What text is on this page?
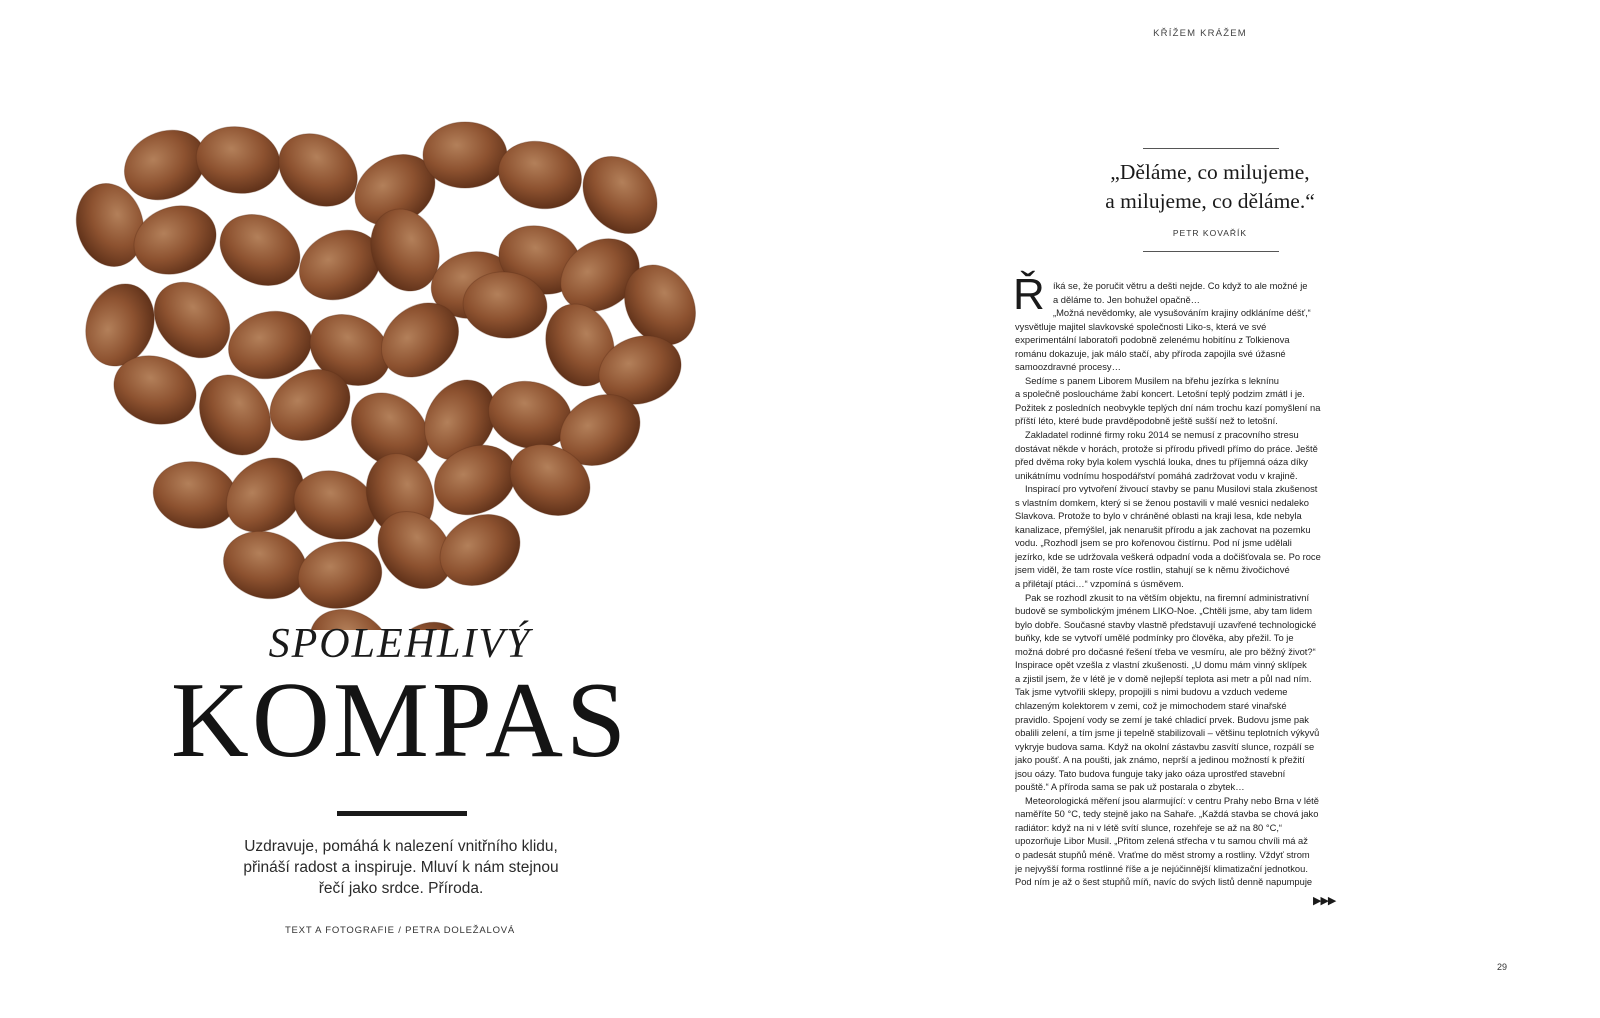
SPOLEHLIVÝ
KOMPAS
Uzdravuje, pomáhá k nalezení vnitřního klidu,
přináší radost a inspiruje. Mluví k nám stejnou
řečí jako srdce. Příroda.
TEXT A FOTOGRAFIE / PETRA DOLEŽALOVÁ
KŘÍŽEM KRÁŽEM
„Děláme, co milujeme,
a milujeme, co děláme.“
PETR KOVAŘÍK
Ř íká se, že poručit větru a dešti nejde. Co když to ale možné je
a děláme to. Jen bohužel opačně…
„Možná nevědomky, ale vysušováním krajiny odkláníme déšť,“
vysvětluje majitel slavkovské společnosti Liko-s, která ve své
experimentální laboratoři podobně zelenému hobitínu z Tolkienova
románu dokazuje, jak málo stačí, aby příroda zapojila své úžasné
samoozdravné procesy…
Sedíme s panem Liborem Musilem na břehu jezírka s leknínu
a společně posloucháme žabí koncert. Letošní teplý podzim zmátl i je.
Požitek z posledních neobvykle teplých dní nám trochu kazí pomyšlení na
příští léto, které bude pravděpodobně ještě sušší než to letošní.
Zakladatel rodinné firmy roku 2014 se nemusí z pracovního stresu
dostávat někde v horách, protože si přírodu přivedl přímo do práce. Ještě
před dvěma roky byla kolem vyschlá louka, dnes tu příjemná oáza díky
unikátnímu vodnímu hospodářství pomáhá zadržovat vodu v krajině.
Inspirací pro vytvoření živoucí stavby se panu Musilovi stala zkušenost
s vlastním domkem, který si se ženou postavili v malé vesnici nedaleko
Slavkova. Protože to bylo v chráněné oblasti na kraji lesa, kde nebyla
kanalizace, přemýšlel, jak nenarušit přírodu a jak zachovat na pozemku
vodu. „Rozhodl jsem se pro kořenovou čistírnu. Pod ní jsme udělali
jezírko, kde se udržovala veškerá odpadní voda a dočišťovala se. Po roce
jsem viděl, že tam roste více rostlin, stahují se k němu živočichové
a přilétají ptáci…“ vzpomíná s úsměvem.
Pak se rozhodl zkusit to na větším objektu, na firemní administrativní
budově se symbolickým jménem LIKO-Noe. „Chtěli jsme, aby tam lidem
bylo dobře. Současné stavby vlastně představují uzavřené technologické
buňky, kde se vytvoří umělé podmínky pro člověka, aby přežil. To je
možná dobré pro dočasné řešení třeba ve vesmíru, ale pro běžný život?“
Inspirace opět vzešla z vlastní zkušenosti. „U domu mám vinný sklípek
a zjistil jsem, že v létě je v domě nejlepší teplota asi metr a půl nad ním.
Tak jsme vytvořili sklepy, propojili s nimi budovu a vzduch vedeme
chlazeným kolektorem v zemi, což je mimochodem staré vinařské
pravidlo. Spojení vody se zemí je také chladicí prvek. Budovu jsme pak
obalili zelení, a tím jsme ji tepelně stabilizovali – většinu teplotních výkyvů
vykryje budova sama. Když na okolní zástavbu zasvítí slunce, rozpálí se
jako poušť. A na poušti, jak známo, neprší a jedinou možností k přežití
jsou oázy. Tato budova funguje taky jako oáza uprostřed stavební
pouště.“ A příroda sama se pak už postarala o zbytek…
Meteorologická měření jsou alarmující: v centru Prahy nebo Brna v létě
naměříte 50 °C, tedy stejně jako na Sahaře. „Každá stavba se chová jako
radiátor: když na ni v létě svítí slunce, rozehřeje se až na 80 °C,“
upozorňuje Libor Musil. „Přitom zelená střecha v tu samou chvíli má až
o padesát stupňů méně. Vraťme do měst stromy a rostliny. Vždyť strom
je nejvyšší forma rostlinné říše a je nejúčinnější klimatizační jednotkou.
Pod ním je až o šest stupňů míň, navíc do svých listů denně napumpuje
▶▶▶
29
